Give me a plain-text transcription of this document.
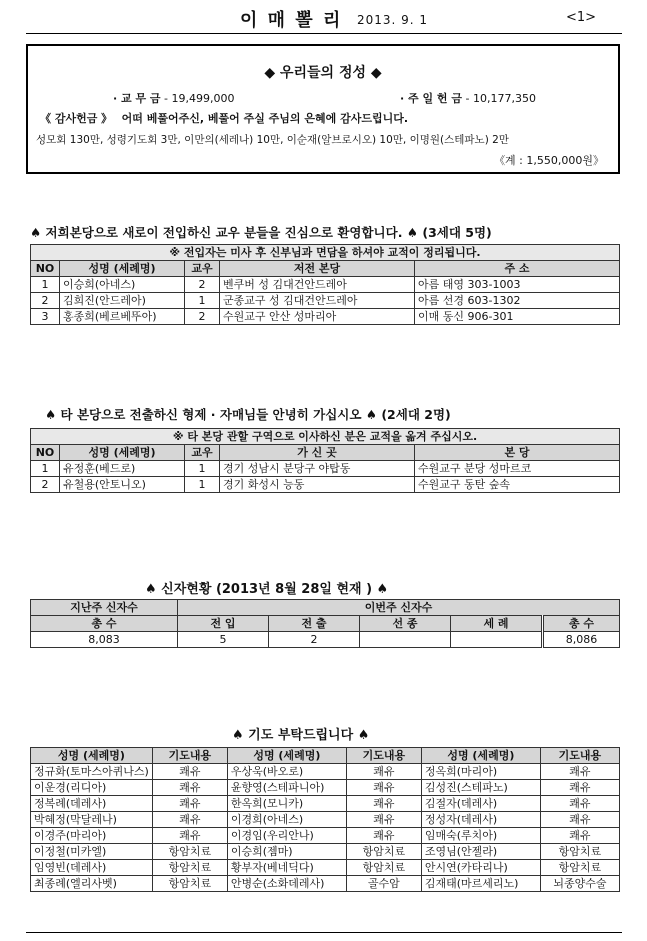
이 매 뽈 리 2013. 9. 1	<1>
◆ 우리들의 정성 ◆
· 교 무 금 - 19,499,000	· 주 일 헌 금 - 10,177,350
《 감사헌금 》 어떠 베풀어주신, 베풀어 주실 주님의 은혜에 감사드립니다.
성모회 130만, 성령기도회 3만, 이만의(세레나) 10만, 이순재(알브로시오) 10만, 이명원(스테파노) 2만
《계 : 1,550,000원》
♠ 저희본당으로 새로이 전입하신 교우 분들을 진심으로 환영합니다. ♠ (3세대 5명)
※ 전입자는 미사 후 신부님과 면담을 하셔야 교적이 정리됩니다.				
NO	성명 (세례명)	교우	저전 본당	주 소
1	이승희(아네스)	2	벤쿠버 성 김대건안드레아	아름 태영 303-1003
2	김희진(안드레아)	1	군종교구 성 김대건안드레아	아름 선경 603-1302
3	홍종희(베르베뚜아)	2	수원교구 안산 성마리아	이매 동신 906-301
♠ 타 본당으로 전출하신 형제 · 자매님들 안녕히 가십시오 ♠ (2세대 2명)
※ 타 본당 관할 구역으로 이사하신 분은 교적을 옮겨 주십시오.				
NO	성명 (세례명)	교우	가 신 곳	본 당
1	유정훈(베드로)	1	경기 성남시 분당구 야탑동	수원교구 분당 성마르코
2	유철용(안토니오)	1	경기 화성시 능동	수원교구 동탄 숲속
♠ 신자현황 (2013년 8월 28일 현재 ) ♠
지난주 신자수	이번주 신자수				
총 수	전 입	전 출	선 종	세 례	총 수
8,083	5	2			8,086
♠ 기도 부탁드립니다 ♠
성명 (세례명)	기도내용	성명 (세례명)	기도내용	성명 (세례명)	기도내용
정규화(토마스아퀴나스)	쾌유	우상욱(바오로)	쾌유	정옥희(마리아)	쾌유
이운경(리디아)	쾌유	윤향영(스테파니아)	쾌유	김성진(스테파노)	쾌유
정복례(데레사)	쾌유	한옥희(모니카)	쾌유	김절자(데레사)	쾌유
박혜정(막달레나)	쾌유	이경희(아네스)	쾌유	정성자(데레사)	쾌유
이경주(마리아)	쾌유	이경임(우리안나)	쾌유	임매숙(루치아)	쾌유
이정철(미카엘)	항암치료	이승희(젬마)	항암치료	조영님(안젤라)	항암치료
임영빈(데레사)	항암치료	황부자(베네딕다)	항암치료	안시연(카타리나)	항암치료
최종례(엘리사벳)	항암치료	안병순(소화데레사)	골수암	김재태(마르세리노)	뇌종양수술
